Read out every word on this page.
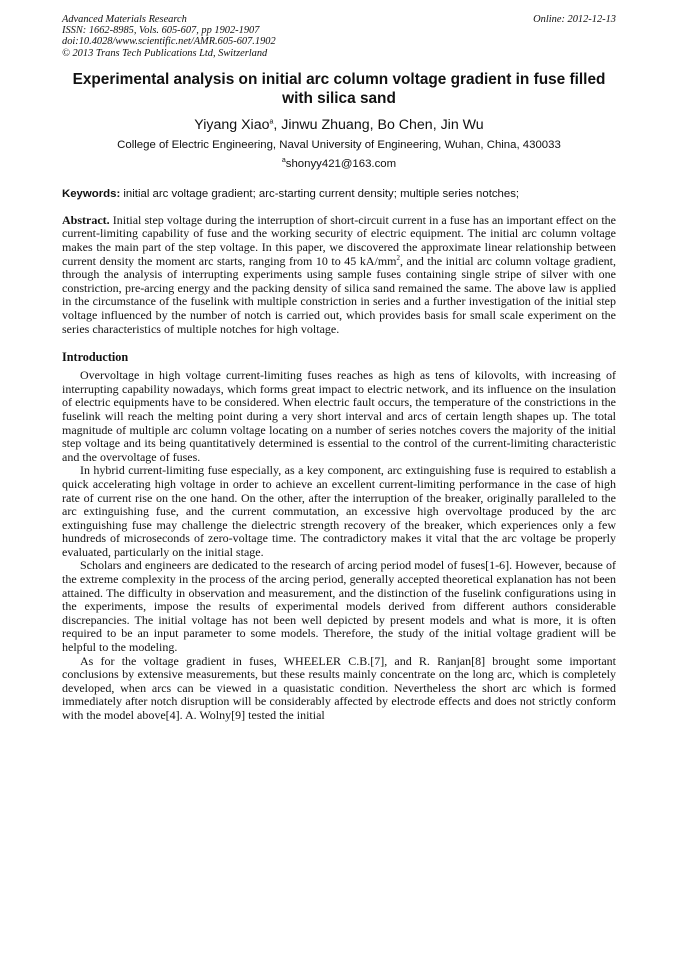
Advanced Materials Research	Online: 2012-12-13
ISSN: 1662-8985, Vols. 605-607, pp 1902-1907
doi:10.4028/www.scientific.net/AMR.605-607.1902
© 2013 Trans Tech Publications Ltd, Switzerland
Experimental analysis on initial arc column voltage gradient in fuse filled with silica sand
Yiyang Xiao$^a$, Jinwu Zhuang, Bo Chen, Jin Wu
College of Electric Engineering, Naval University of Engineering, Wuhan, China, 430033
$^a$shonyy421@163.com
Keywords: initial arc voltage gradient; arc-starting current density; multiple series notches;

Abstract. Initial step voltage during the interruption of short-circuit current in a fuse has an important effect on the current-limiting capability of fuse and the working security of electric equipment. The initial arc column voltage makes the main part of the step voltage. In this paper, we discovered the approximate linear relationship between current density the moment arc starts, ranging from 10 to 45 $kA/mm^2$, and the initial arc column voltage gradient, through the analysis of interrupting experiments using sample fuses containing single stripe of silver with one constriction, pre-arcing energy and the packing density of silica sand remained the same. The above law is applied in the circumstance of the fuselink with multiple constriction in series and a further investigation of the initial step voltage influenced by the number of notch is carried out, which provides basis for small scale experiment on the series characteristics of multiple notches for high voltage.

Introduction

Overvoltage in high voltage current-limiting fuses reaches as high as tens of kilovolts, with increasing of interrupting capability nowadays, which forms great impact to electric network, and its influence on the insulation of electric equipments have to be considered. When electric fault occurs, the temperature of the constrictions in the fuselink will reach the melting point during a very short interval and arcs of certain length shapes up. The total magnitude of multiple arc column voltage locating on a number of series notches covers the majority of the initial step voltage and its being quantitatively determined is essential to the control of the current-limiting characteristic and the overvoltage of fuses.

In hybrid current-limiting fuse especially, as a key component, arc extinguishing fuse is required to establish a quick accelerating high voltage in order to achieve an excellent current-limiting performance in the case of high rate of current rise on the one hand. On the other, after the interruption of the breaker, originally paralleled to the arc extinguishing fuse, and the current commutation, an excessive high overvoltage produced by the arc extinguishing fuse may challenge the dielectric strength recovery of the breaker, which experiences only a few hundreds of microseconds of zero-voltage time. The contradictory makes it vital that the arc voltage be properly evaluated, particularly on the initial stage.

Scholars and engineers are dedicated to the research of arcing period model of fuses[1-6]. However, because of the extreme complexity in the process of the arcing period, generally accepted theoretical explanation has not been attained. The difficulty in observation and measurement, and the distinction of the fuselink configurations using in the experiments, impose the results of experimental models derived from different authors considerable discrepancies. The initial voltage has not been well depicted by present models and what is more, it is often required to be an input parameter to some models. Therefore, the study of the initial voltage gradient will be helpful to the modeling.

As for the voltage gradient in fuses, WHEELER C.B.[7], and R. Ranjan[8] brought some important conclusions by extensive measurements, but these results mainly concentrate on the long arc, which is completely developed, when arcs can be viewed in a quasistatic condition. Nevertheless the short arc which is formed immediately after notch disruption will be considerably affected by electrode effects and does not strictly conform with the model above[4]. A. Wolny[9] tested the initial
